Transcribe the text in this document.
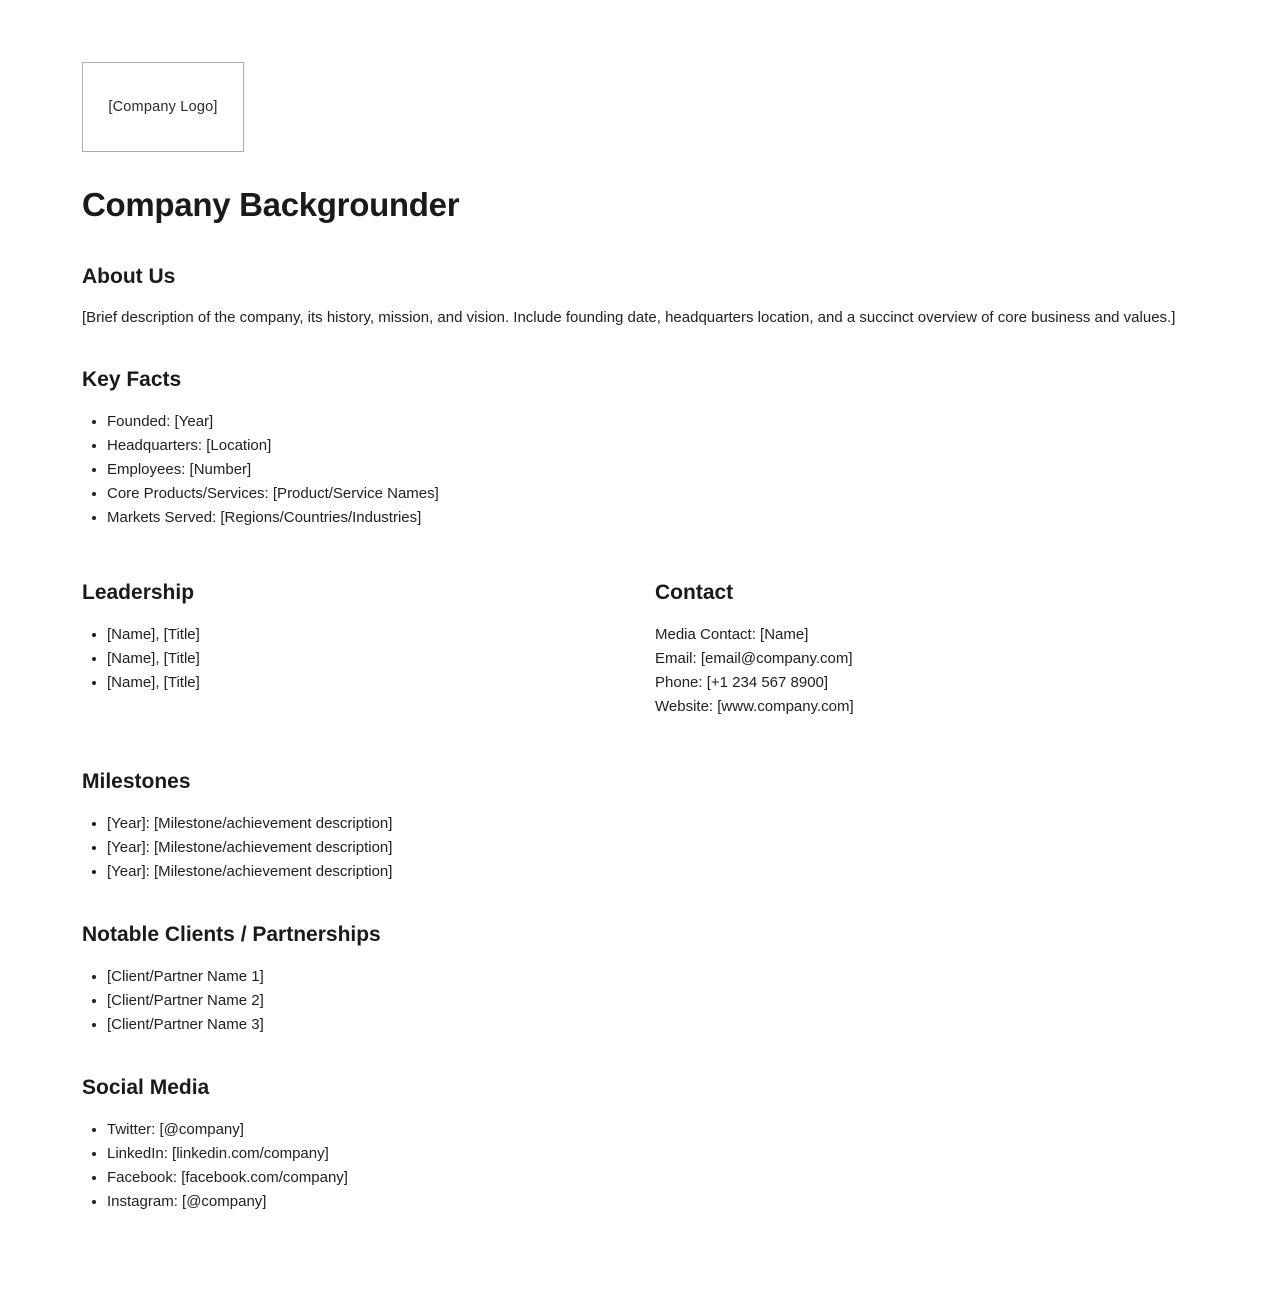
[Company Logo]
Company Backgrounder
About Us

[Brief description of the company, its history, mission, and vision. Include founding date, headquarters location, and a succinct overview of core business and values.]

Key Facts
• Founded: [Year]
• Headquarters: [Location]
• Employees: [Number]
• Core Products/Services: [Product/Service Names]
• Markets Served: [Regions/Countries/Industries]
Leadership
• [Name], [Title]
• [Name], [Title]
• [Name], [Title]
Contact

Media Contact: [Name]

Email: [email@company.com]

Phone: [+1 234 567 8900]

Website: [www.company.com]

Milestones
• [Year]: [Milestone/achievement description]
• [Year]: [Milestone/achievement description]
• [Year]: [Milestone/achievement description]
Notable Clients / Partnerships
• [Client/Partner Name 1]
• [Client/Partner Name 2]
• [Client/Partner Name 3]
Social Media
• Twitter: [@company]
• LinkedIn: [linkedin.com/company]
• Facebook: [facebook.com/company]
• Instagram: [@company]
